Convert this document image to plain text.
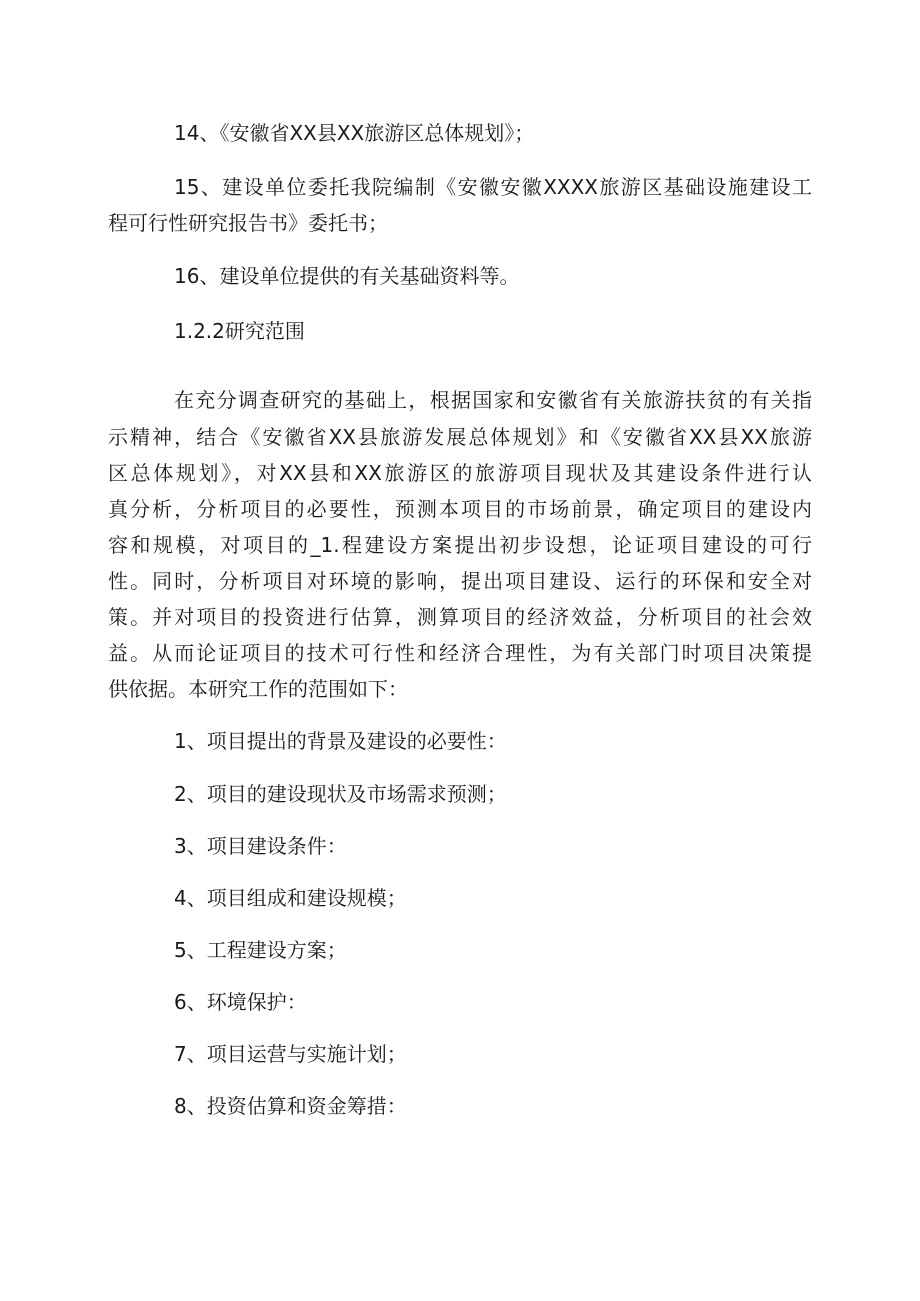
14、《安徽省XX县XX旅游区总体规划》；
15、建设单位委托我院编制《安徽安徽XXXX旅游区基础设施建设工
程可行性研究报告书》委托书；
16、建设单位提供的有关基础资料等。
1.2.2研究范围
在充分调查研究的基础上，根据国家和安徽省有关旅游扶贫的有关指
示精神，结合《安徽省XX县旅游发展总体规划》和《安徽省XX县XX旅游
区总体规划》，对XX县和XX旅游区的旅游项目现状及其建设条件进行认
真分析，分析项目的必要性，预测本项目的市场前景，确定项目的建设内
容和规模，对项目的_1.程建设方案提出初步设想，论证项目建设的可行
性。同时，分析项目对环境的影响，提出项目建设、运行的环保和安全对
策。并对项目的投资进行估算，测算项目的经济效益，分析项目的社会效
益。从而论证项目的技术可行性和经济合理性，为有关部门时项目决策提
供依据。本研究工作的范围如下：
1、项目提出的背景及建设的必要性：
2、项目的建设现状及市场需求预测；
3、项目建设条件：
4、项目组成和建设规模；
5、工程建设方案；
6、环境保护：
7、项目运营与实施计划；
8、投资估算和资金筹措：
